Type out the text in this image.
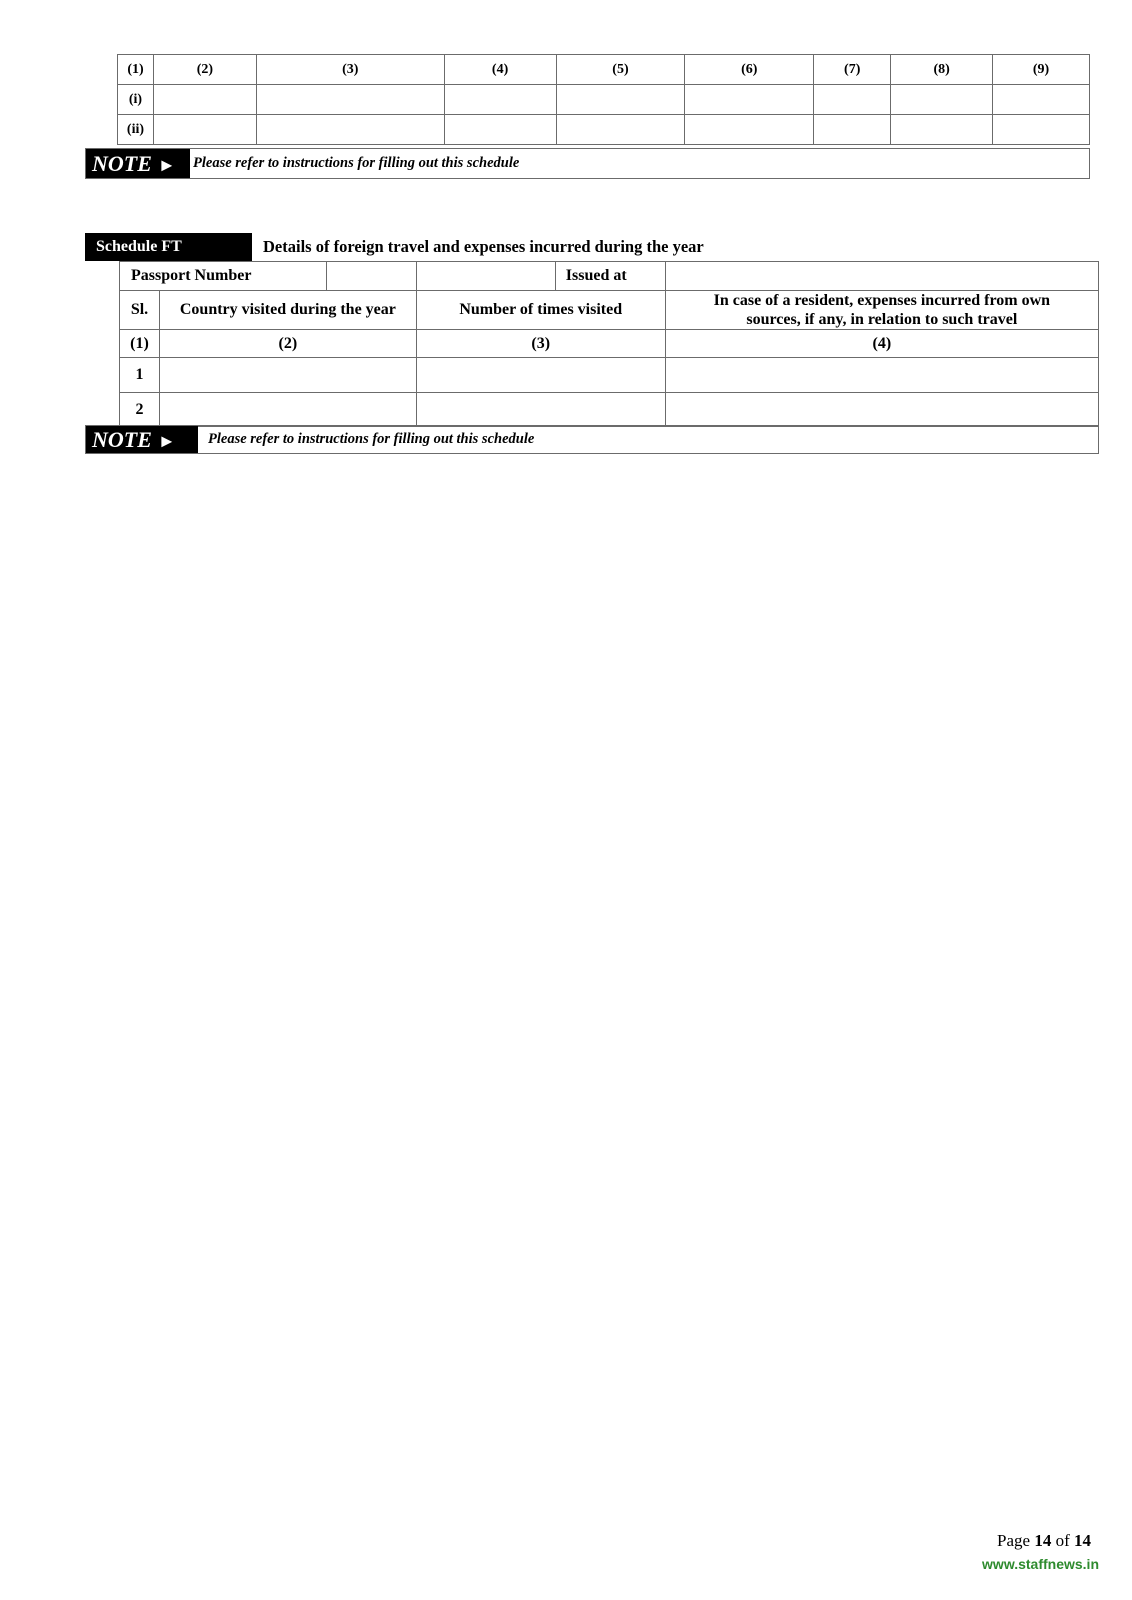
(1)	(2)	(3)	(4)	(5)	(6)	(7)	(8)	(9)
(i)								
(ii)								
NOTE ►	Please refer to instructions for filling out this schedule
Schedule FT	Details of foreign travel and expenses incurred during the year
Passport Number		Issued at	

Sl.	Country visited during the year	Number of times visited	In case of a resident, expenses incurred from own sources, if any, in relation to such travel
(1)	(2)	(3)	(4)
1			
2			
NOTE ►	Please refer to instructions for filling out this schedule
Page 14 of 14
www.staffnews.in
